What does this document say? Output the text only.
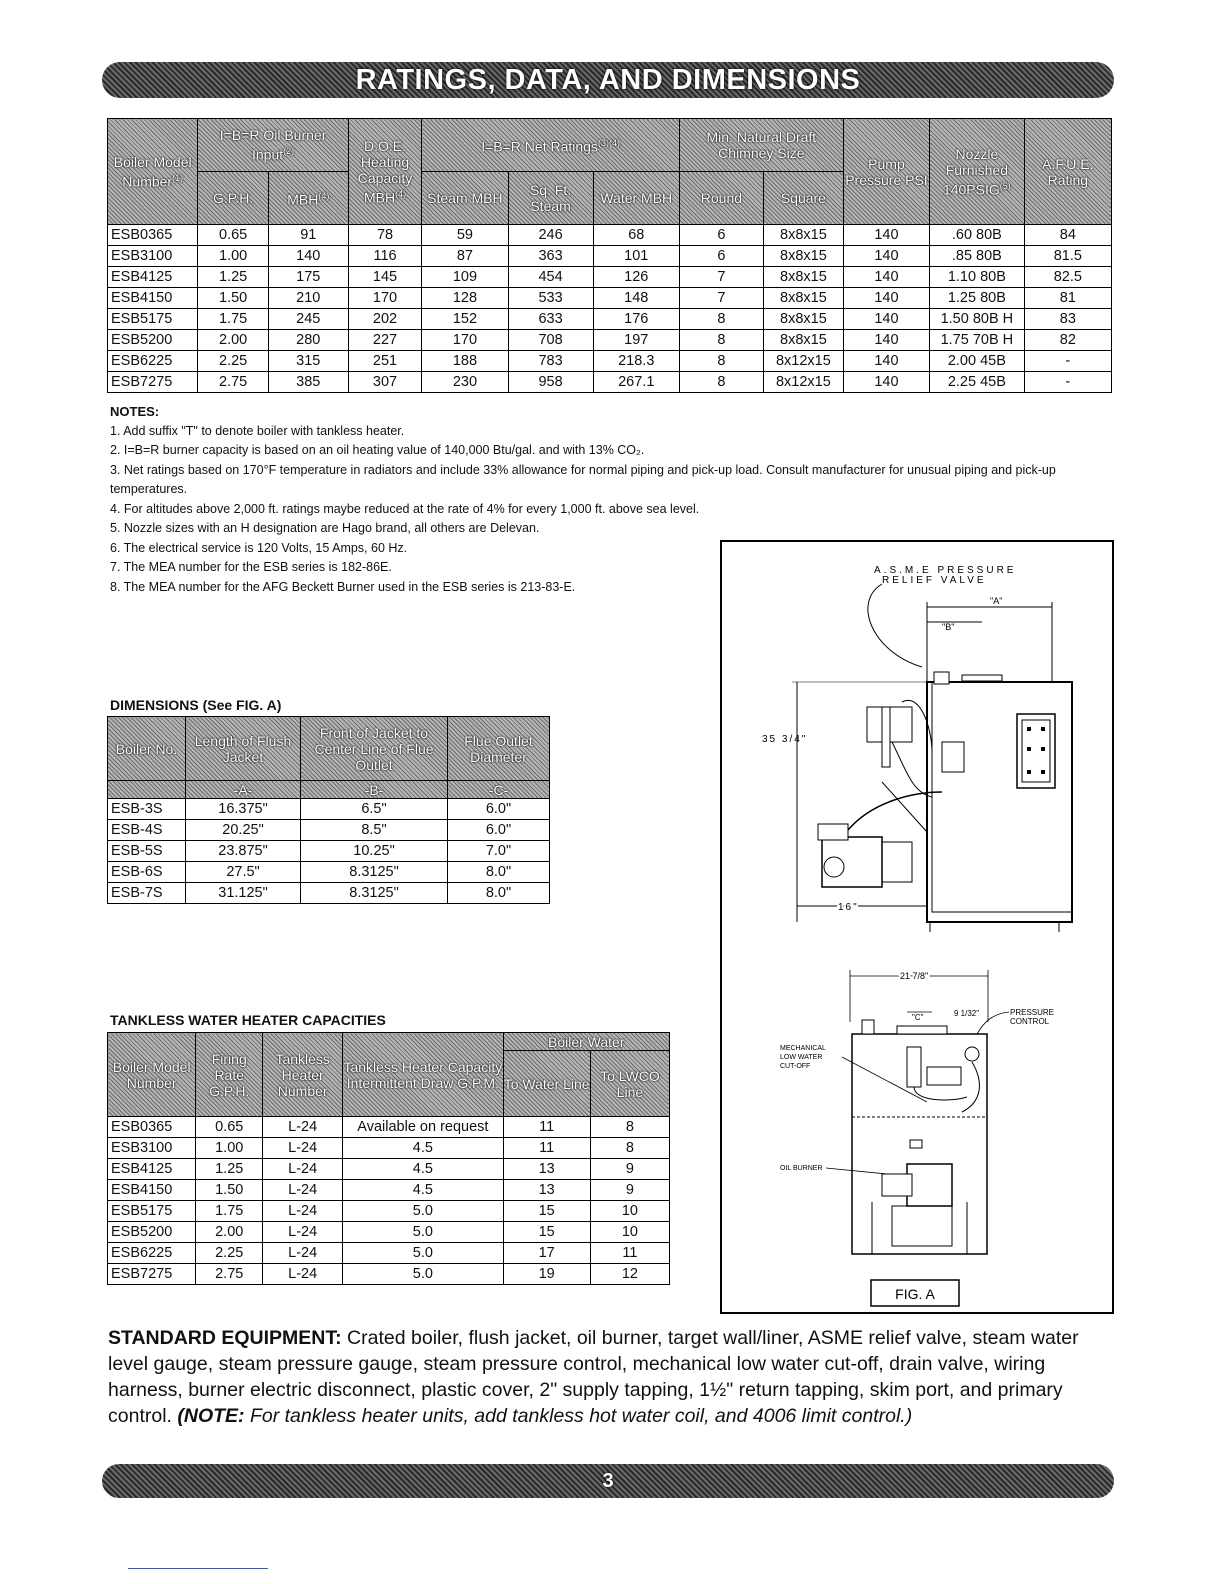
RATINGS, DATA, AND DIMENSIONS
Boiler Model Number$^{(1)}$	I=B=R Oil Burner Input$^{(2)}$		D.O.E. Heating Capacity MBH$^{(4)}$	I=B=R Net Ratings$^{(3)(4)}$			Min. Natural Draft Chimney Size		Pump Pressure PSI	Nozzle Furnished 140PSIG$^{(5)}$	A.F.U.E. Rating
	G.P.H.	MBH$^{(4)}$		Steam MBH	Sq. Ft. Steam	Water MBH	Round	Square			
ESB0365	0.65	91	78	59	246	68	6	8x8x15	140	.60 80B	84
ESB3100	1.00	140	116	87	363	101	6	8x8x15	140	.85 80B	81.5
ESB4125	1.25	175	145	109	454	126	7	8x8x15	140	1.10 80B	82.5
ESB4150	1.50	210	170	128	533	148	7	8x8x15	140	1.25 80B	81
ESB5175	1.75	245	202	152	633	176	8	8x8x15	140	1.50 80B H	83
ESB5200	2.00	280	227	170	708	197	8	8x8x15	140	1.75 70B H	82
ESB6225	2.25	315	251	188	783	218.3	8	8x12x15	140	2.00 45B	-
ESB7275	2.75	385	307	230	958	267.1	8	8x12x15	140	2.25 45B	-
NOTES:
1. Add suffix "T" to denote boiler with tankless heater.
2. I=B=R burner capacity is based on an oil heating value of 140,000 Btu/gal. and with 13% CO₂.
3. Net ratings based on 170°F temperature in radiators and include 33% allowance for normal piping and pick-up load. Consult manufacturer for unusual piping and pick-up temperatures.
4. For altitudes above 2,000 ft. ratings maybe reduced at the rate of 4% for every 1,000 ft. above sea level.
5. Nozzle sizes with an H designation are Hago brand, all others are Delevan.
6. The electrical service is 120 Volts, 15 Amps, 60 Hz.
7. The MEA number for the ESB series is 182-86E.
8. The MEA number for the AFG Beckett Burner used in the ESB series is 213-83-E.
DIMENSIONS (See FIG. A)
Boiler No.	Length of Flush Jacket	Front of Jacket to Center Line of Flue Outlet	Flue Outlet Diameter
	-A-	-B-	-C-
ESB-3S	16.375"	6.5"	6.0"
ESB-4S	20.25"	8.5"	6.0"
ESB-5S	23.875"	10.25"	7.0"
ESB-6S	27.5"	8.3125"	8.0"
ESB-7S	31.125"	8.3125"	8.0"
TANKLESS WATER HEATER CAPACITIES
Boiler Model Number	Firing Rate G.P.H.	Tankless Heater Number	Tankless Heater Capacity Intermittent Draw G.P.M.	Boiler Water	
				To Water Line	To LWCO Line
ESB0365	0.65	L-24	Available on request	11	8
ESB3100	1.00	L-24	4.5	11	8
ESB4125	1.25	L-24	4.5	13	9
ESB4150	1.50	L-24	4.5	13	9
ESB5175	1.75	L-24	5.0	15	10
ESB5200	2.00	L-24	5.0	15	10
ESB6225	2.25	L-24	5.0	17	11
ESB7275	2.75	L-24	5.0	19	12
A.S.M.E PRESSURE
RELIEF VALVE
"A"
"B"
35 3/4"
16"
21 7/8"
"C"	9 1/32"	PRESSURE
CONTROL
MECHANICAL
LOW WATER
CUT-OFF
OIL BURNER
FIG. A
STANDARD EQUIPMENT: Crated boiler, flush jacket, oil burner, target wall/liner, ASME relief valve, steam water level gauge, steam pressure gauge, steam pressure control, mechanical low water cut-off, drain valve, wiring harness, burner electric disconnect, plastic cover, 2" supply tapping, 1½" return tapping, skim port, and primary control. (NOTE: For tankless heater units, add tankless hot water coil, and 4006 limit control.)
3
